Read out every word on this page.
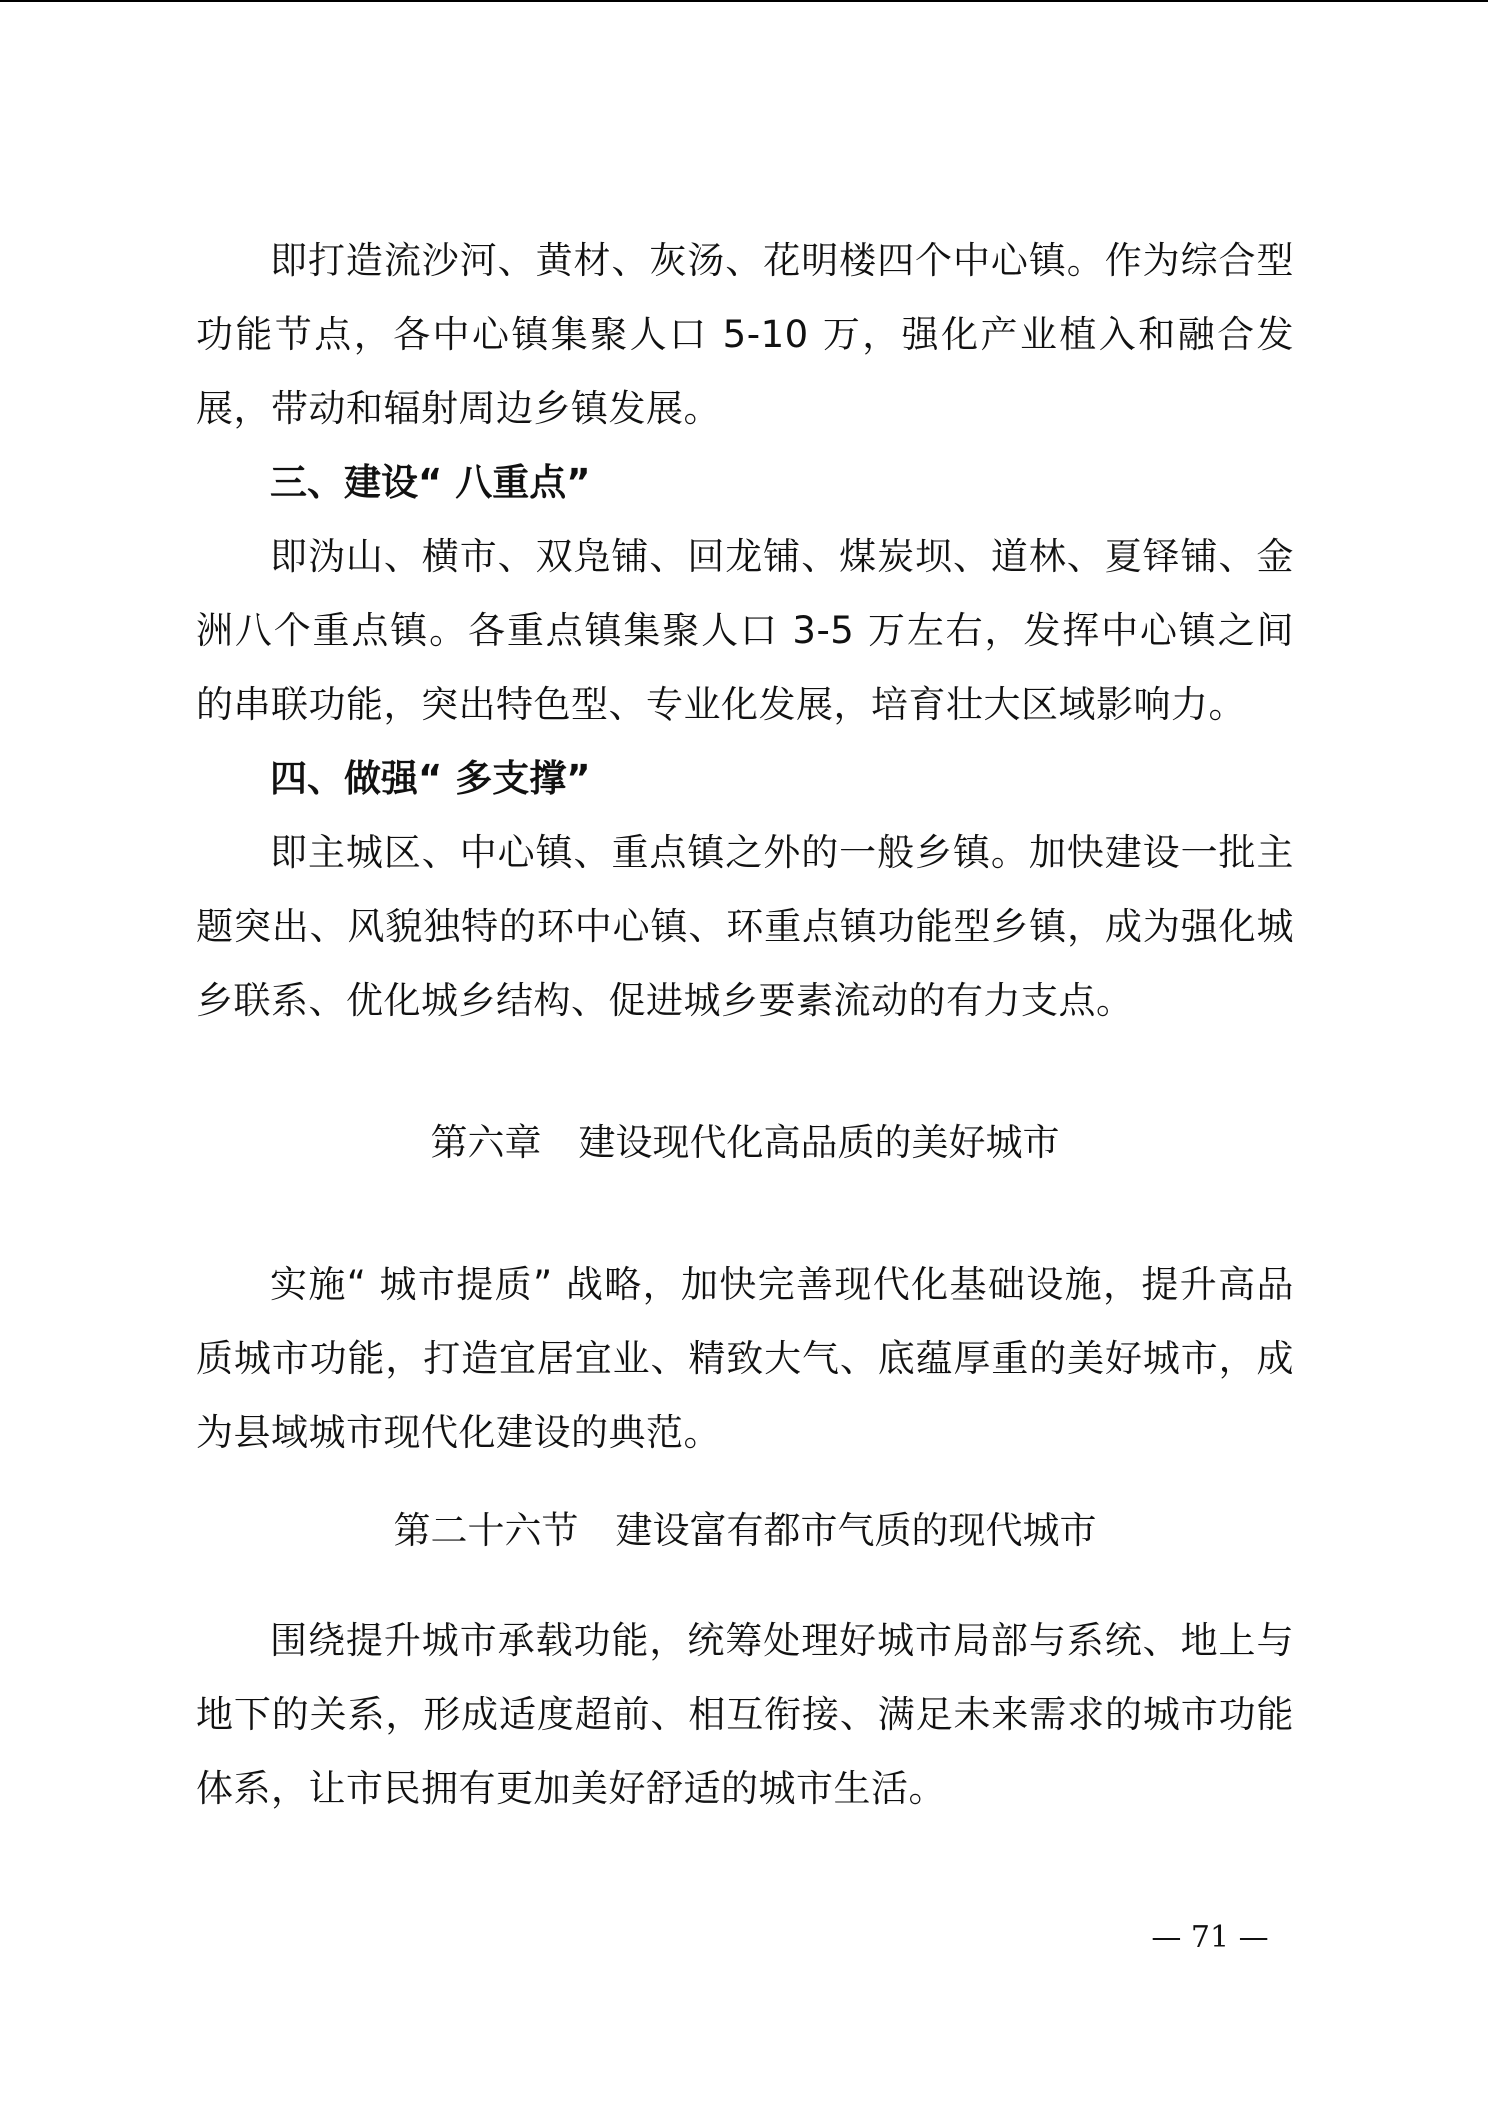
即打造流沙河、黄材、灰汤、花明楼四个中心镇。作为综合型功能节点，各中心镇集聚人口 5-10 万，强化产业植入和融合发展，带动和辐射周边乡镇发展。

三、建设“ 八重点”

即沩山、横市、双凫铺、回龙铺、煤炭坝、道林、夏铎铺、金洲八个重点镇。各重点镇集聚人口 3-5 万左右，发挥中心镇之间的串联功能，突出特色型、专业化发展，培育壮大区域影响力。

四、做强“ 多支撑”

即主城区、中心镇、重点镇之外的一般乡镇。加快建设一批主题突出、风貌独特的环中心镇、环重点镇功能型乡镇，成为强化城乡联系、优化城乡结构、促进城乡要素流动的有力支点。

第六章　建设现代化高品质的美好城市

实施“ 城市提质” 战略，加快完善现代化基础设施，提升高品质城市功能，打造宜居宜业、精致大气、底蕴厚重的美好城市，成为县域城市现代化建设的典范。

第二十六节　建设富有都市气质的现代城市

围绕提升城市承载功能，统筹处理好城市局部与系统、地上与地下的关系，形成适度超前、相互衔接、满足未来需求的城市功能体系，让市民拥有更加美好舒适的城市生活。

— 71 —
